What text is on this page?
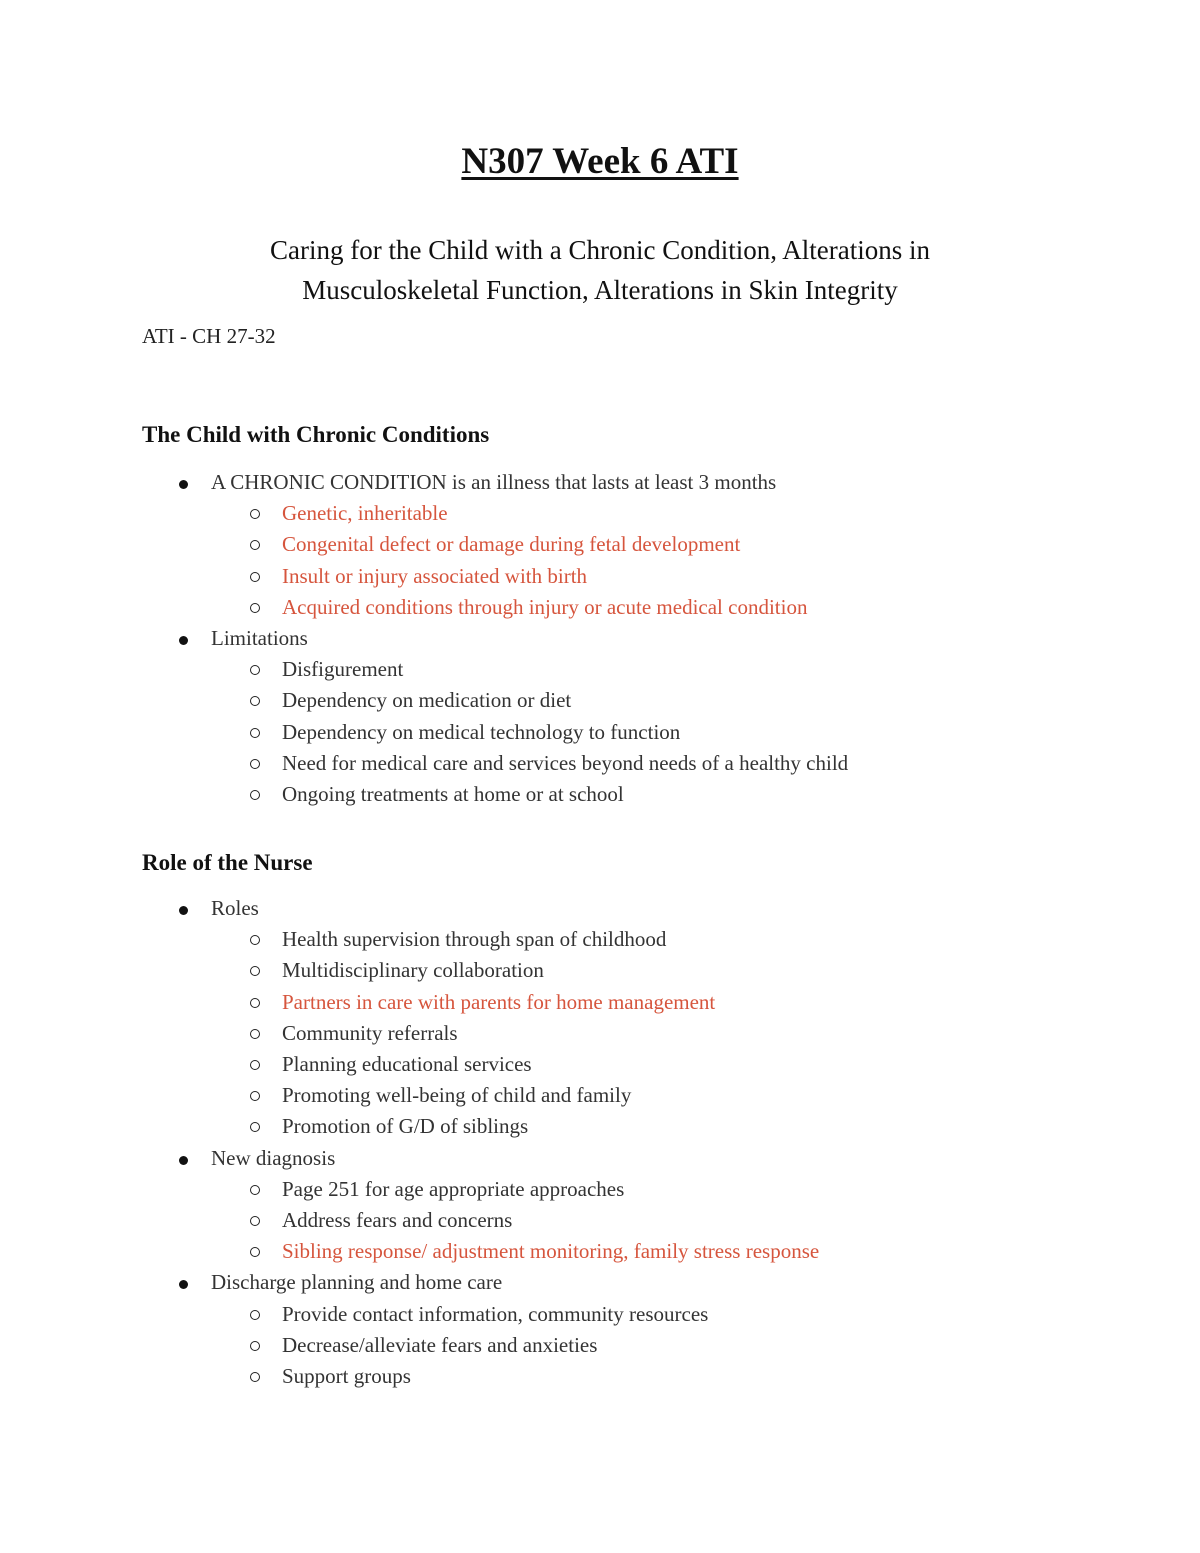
N307 Week 6 ATI
Caring for the Child with a Chronic Condition, Alterations in
Musculoskeletal Function, Alterations in Skin Integrity
ATI - CH 27-32
The Child with Chronic Conditions
A CHRONIC CONDITION is an illness that lasts at least 3 months
Genetic, inheritable
Congenital defect or damage during fetal development
Insult or injury associated with birth
Acquired conditions through injury or acute medical condition
Limitations
Disfigurement
Dependency on medication or diet
Dependency on medical technology to function
Need for medical care and services beyond needs of a healthy child
Ongoing treatments at home or at school
Role of the Nurse
Roles
Health supervision through span of childhood
Multidisciplinary collaboration
Partners in care with parents for home management
Community referrals
Planning educational services
Promoting well-being of child and family
Promotion of G/D of siblings
New diagnosis
Page 251 for age appropriate approaches
Address fears and concerns
Sibling response/ adjustment monitoring, family stress response
Discharge planning and home care
Provide contact information, community resources
Decrease/alleviate fears and anxieties
Support groups
